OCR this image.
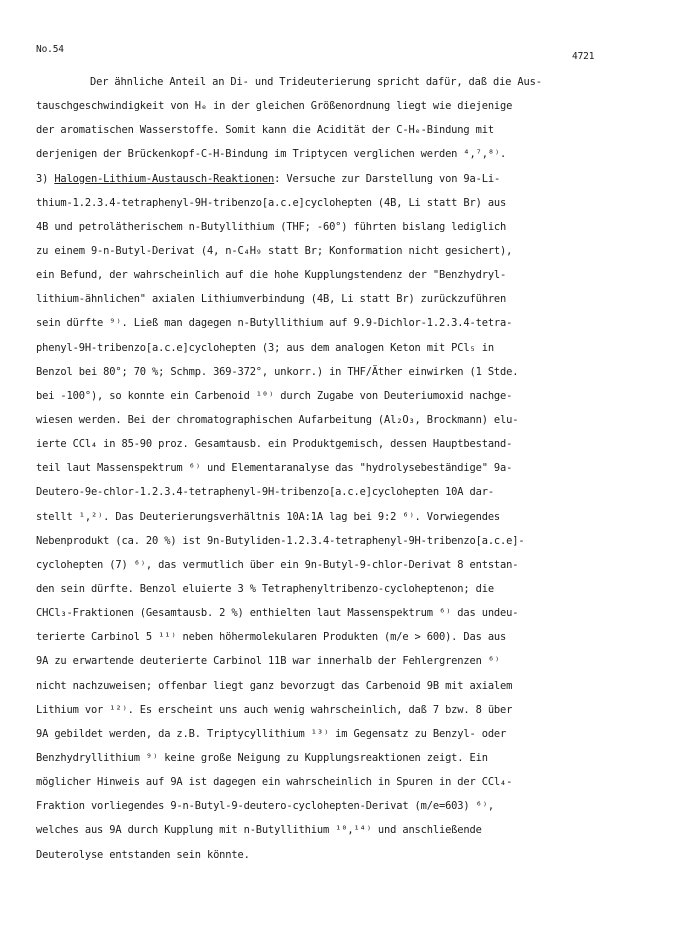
No.54
4721
Der ähnliche Anteil an Di- und Trideuterierung spricht dafür, daß die Aus-
tauschgeschwindigkeit von Hₑ in der gleichen Größenordnung liegt wie diejenige
der aromatischen Wasserstoffe. Somit kann die Acidität der C-Hₑ-Bindung mit
derjenigen der Brückenkopf-C-H-Bindung im Triptycen verglichen werden ⁴,⁷,⁸⁾.
3) Halogen-Lithium-Austausch-Reaktionen: Versuche zur Darstellung von 9a-Li-
thium-1.2.3.4-tetraphenyl-9H-tribenzo[a.c.e]cyclohepten (4B, Li statt Br) aus
4B und petrolätherischem n-Butyllithium (THF; -60°) führten bislang lediglich
zu einem 9-n-Butyl-Derivat (4, n-C₄H₉ statt Br; Konformation nicht gesichert),
ein Befund, der wahrscheinlich auf die hohe Kupplungstendenz der "Benzhydryl-
lithium-ähnlichen" axialen Lithiumverbindung (4B, Li statt Br) zurückzuführen
sein dürfte ⁹⁾. Ließ man dagegen n-Butyllithium auf 9.9-Dichlor-1.2.3.4-tetra-
phenyl-9H-tribenzo[a.c.e]cyclohepten (3; aus dem analogen Keton mit PCl₅ in
Benzol bei 80°; 70 %; Schmp. 369-372°, unkorr.) in THF/Äther einwirken (1 Stde.
bei -100°), so konnte ein Carbenoid ¹⁰⁾ durch Zugabe von Deuteriumoxid nachge-
wiesen werden. Bei der chromatographischen Aufarbeitung (Al₂O₃, Brockmann) elu-
ierte CCl₄ in 85-90 proz. Gesamtausb. ein Produktgemisch, dessen Hauptbestand-
teil laut Massenspektrum ⁶⁾ und Elementaranalyse das "hydrolysebeständige" 9a-
Deutero-9e-chlor-1.2.3.4-tetraphenyl-9H-tribenzo[a.c.e]cyclohepten 10A dar-
stellt ¹,²⁾. Das Deuterierungsverhältnis 10A:1A lag bei 9:2 ⁶⁾. Vorwiegendes
Nebenprodukt (ca. 20 %) ist 9n-Butyliden-1.2.3.4-tetraphenyl-9H-tribenzo[a.c.e]-
cyclohepten (7) ⁶⁾, das vermutlich über ein 9n-Butyl-9-chlor-Derivat 8 entstan-
den sein dürfte. Benzol eluierte 3 % Tetraphenyltribenzo-cycloheptenon; die
CHCl₃-Fraktionen (Gesamtausb. 2 %) enthielten laut Massenspektrum ⁶⁾ das undeu-
terierte Carbinol 5 ¹¹⁾ neben höhermolekularen Produkten (m/e > 600). Das aus
9A zu erwartende deuterierte Carbinol 11B war innerhalb der Fehlergrenzen ⁶⁾
nicht nachzuweisen; offenbar liegt ganz bevorzugt das Carbenoid 9B mit axialem
Lithium vor ¹²⁾. Es erscheint uns auch wenig wahrscheinlich, daß 7 bzw. 8 über
9A gebildet werden, da z.B. Triptycyllithium ¹³⁾ im Gegensatz zu Benzyl- oder
Benzhydryllithium ⁹⁾ keine große Neigung zu Kupplungsreaktionen zeigt. Ein
möglicher Hinweis auf 9A ist dagegen ein wahrscheinlich in Spuren in der CCl₄-
Fraktion vorliegendes 9-n-Butyl-9-deutero-cyclohepten-Derivat (m/e=603) ⁶⁾,
welches aus 9A durch Kupplung mit n-Butyllithium ¹⁰,¹⁴⁾ und anschließende
Deuterolyse entstanden sein könnte.
